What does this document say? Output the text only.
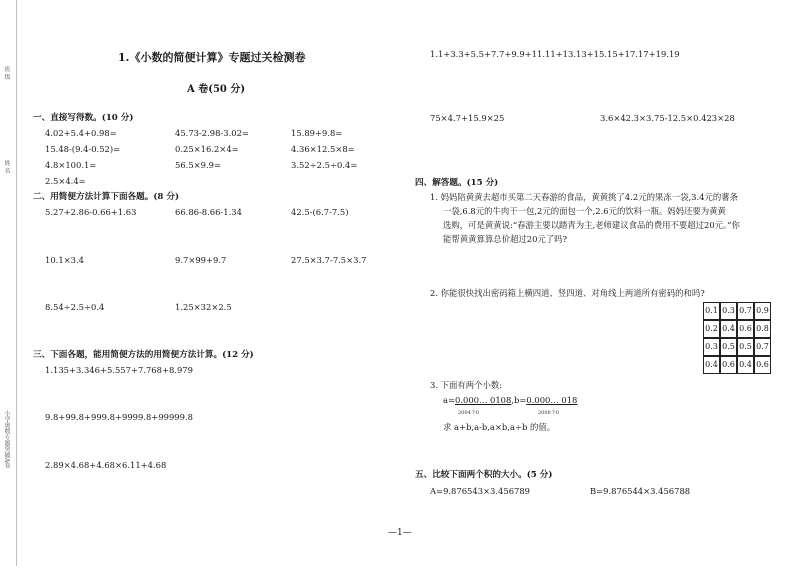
班 级
姓 名
小学奥数专题突破A卷
1.《小数的简便计算》专题过关检测卷
A 卷(50 分)
一、直接写得数。(10 分)
4.02+5.4+0.98=	45.73-2.98-3.02=	15.89+9.8=
15.48-(9.4-0.52)=	0.25×16.2×4=	4.36×12.5×8=
4.8×100.1=	56.5×9.9=	3.52÷2.5÷0.4=
2.5×4.4=
二、用简便方法计算下面各题。(8 分)
5.27+2.86-0.66+1.63	66.86-8.66-1.34	42.5-(6.7-7.5)
10.1×3.4	9.7×99+9.7	27.5×3.7-7.5×3.7
8.54÷2.5÷0.4	1.25×32×2.5
三、下面各题，能用简便方法的用简便方法计算。(12 分)
1.135+3.346+5.557+7.768+8.979
9.8+99.8+999.8+9999.8+99999.8
2.89×4.68+4.68×6.11+4.68
1.1+3.3+5.5+7.7+9.9+11.11+13.13+15.15+17.17+19.19
75×4.7+15.9×25	3.6×42.3×3.75-12.5×0.423×28
四、解答题。(15 分)
1. 妈妈陪黄黄去超市买第二天春游的食品，黄黄挑了4.2元的果冻一袋,3.4元的薯条
一袋,6.8元的牛肉干一包,2元的面包一个,2.6元的饮料一瓶。妈妈还要为黄黄
选购，可是黄黄说:“春游主要以踏青为主,老师建议食品的费用不要超过20元。”你
能帮黄黄算算总价超过20元了吗?
2. 你能很快找出密码箱上横四道、竖四道、对角线上两道所有密码的和吗?
0.1 0.3 0.7 0.9
0.2 0.4 0.6 0.8
0.3 0.5 0.5 0.7
0.4 0.6 0.4 0.6
3. 下面有两个小数:
a=0.000… 0108,b=0.000… 018
2004个0	2008个0
求 a+b,a-b,a×b,a÷b 的值。
五、比较下面两个积的大小。(5 分)
A=9.876543×3.456789	B=9.876544×3.456788
—1—
